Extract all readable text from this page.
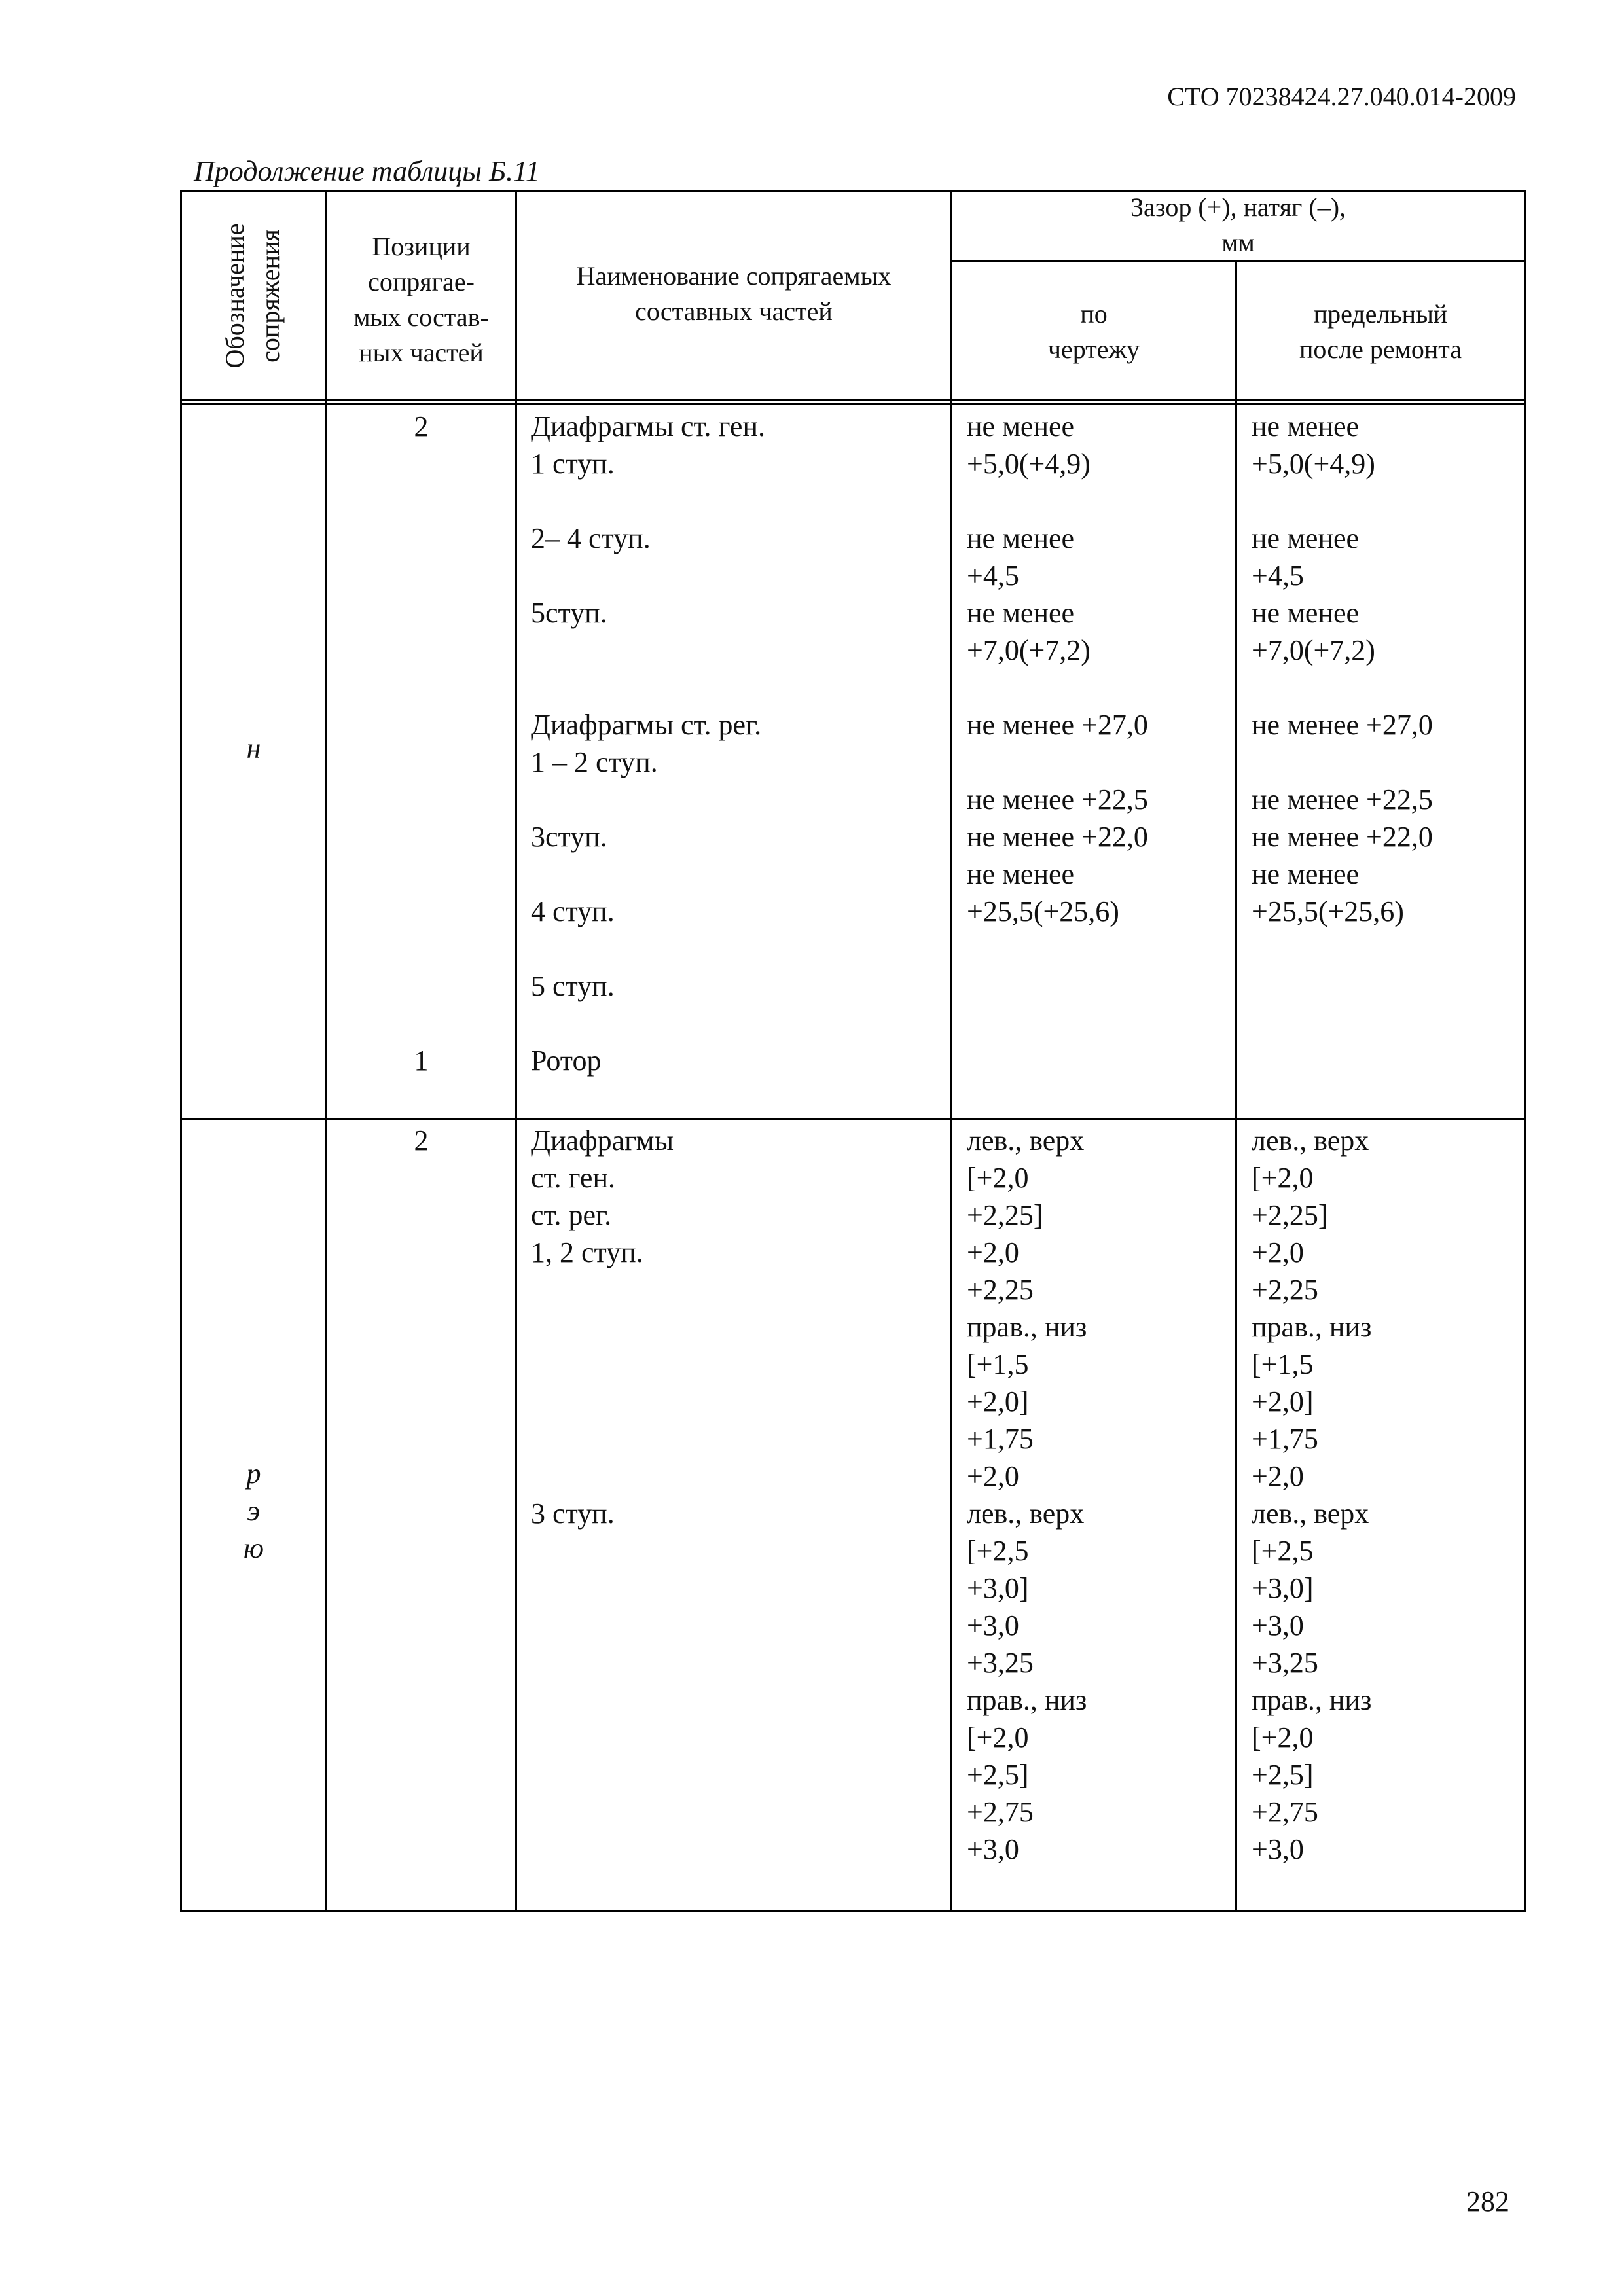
СТО 70238424.27.040.014-2009
Продолжение таблицы Б.11
Обозначение
сопряжения	Позиции
сопрягае-
мых состав-
ных частей
Наименование сопрягаемых
составных частей
Зазор (+), натяг (–),
мм
по
чертежу
предельный
после ремонта
н
2

1
Диафрагмы ст. ген.
1 ступ.

2– 4 ступ.

5ступ.

Диафрагмы ст. рег.
1 – 2 ступ.

3ступ.

4 ступ.

5 ступ.

Ротор
не менее
+5,0(+4,9)

не менее
+4,5
не менее
+7,0(+7,2)

не менее +27,0

не менее +22,5
не менее +22,0
не менее
+25,5(+25,6)
не менее
+5,0(+4,9)

не менее
+4,5
не менее
+7,0(+7,2)

не менее +27,0

не менее +22,5
не менее +22,0
не менее
+25,5(+25,6)
р
э
ю
2	Диафрагмы
ст. ген.
ст. рег.
1, 2 ступ.

3 ступ.
лев., верх
[+2,0
+2,25]
+2,0
+2,25
прав., низ
[+1,5
+2,0]
+1,75
+2,0
лев., верх
[+2,5
+3,0]
+3,0
+3,25
прав., низ
[+2,0
+2,5]
+2,75
+3,0
лев., верх
[+2,0
+2,25]
+2,0
+2,25
прав., низ
[+1,5
+2,0]
+1,75
+2,0
лев., верх
[+2,5
+3,0]
+3,0
+3,25
прав., низ
[+2,0
+2,5]
+2,75
+3,0
282
